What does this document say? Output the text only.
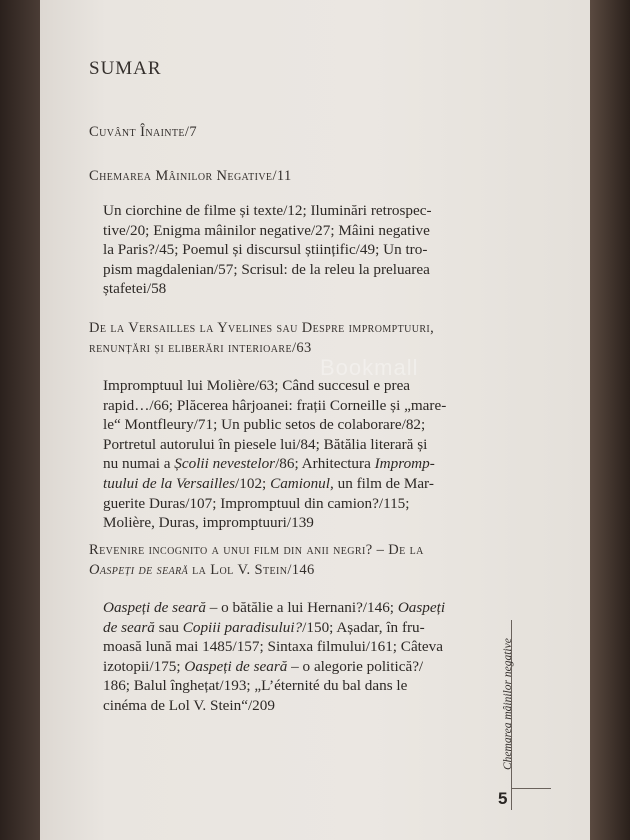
SUMAR
Cuvânt Înainte/7
Chemarea Mâinilor Negative/11
Un ciorchine de filme și texte/12; Iluminări retrospec-
tive/20; Enigma mâinilor negative/27; Mâini negative
la Paris?/45; Poemul și discursul științific/49; Un tro-
pism magdalenian/57; Scrisul: de la releu la preluarea
ștafetei/58
De la Versailles la Yvelines sau Despre impromptuuri,
renunțări și eliberări interioare/63
Impromptuul lui Molière/63; Când succesul e prea
rapid…/66; Plăcerea hârjoanei: frații Corneille și „mare-
le“ Montfleury/71; Un public setos de colaborare/82;
Portretul autorului în piesele lui/84; Bătălia literară și
nu numai a Școlii nevestelor/86; Arhitectura Impromp-
tuului de la Versailles/102; Camionul, un film de Mar-
guerite Duras/107; Impromptuul din camion?/115;
Molière, Duras, impromptuuri/139
Bookmall
Revenire incognito a unui film din anii negri? – De la
Oaspeți de seară la Lol V. Stein/146
Oaspeți de seară – o bătălie a lui Hernani?/146; Oaspeți
de seară sau Copiii paradisului?/150; Așadar, în fru-
moasă lună mai 1485/157; Sintaxa filmului/161; Câteva
izotopii/175; Oaspeți de seară – o alegorie politică?/
186; Balul înghețat/193; „L’éternité du bal dans le
cinéma de Lol V. Stein“/209	Chemarea mâinilor negative
5
